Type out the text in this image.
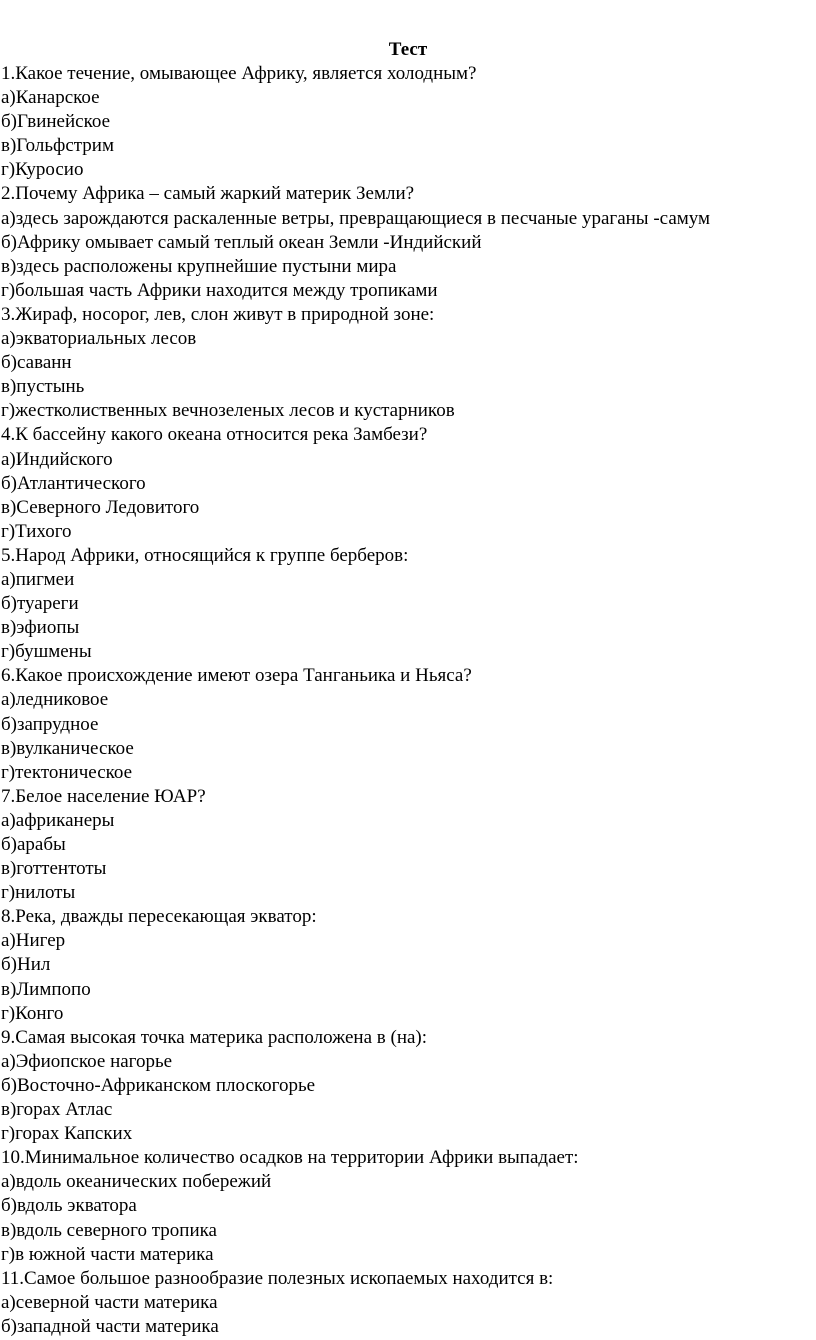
Тест
1.Какое течение, омывающее Африку, является холодным?
а)Канарское
б)Гвинейское
в)Гольфстрим
г)Куросио
2.Почему Африка – самый жаркий материк Земли?
а)здесь зарождаются раскаленные ветры, превращающиеся в песчаные ураганы -самум
б)Африку омывает самый теплый океан Земли -Индийский
в)здесь расположены крупнейшие пустыни мира
г)большая часть Африки находится между тропиками
3.Жираф, носорог, лев, слон живут в природной зоне:
а)экваториальных лесов
б)саванн
в)пустынь
г)жестколиственных вечнозеленых лесов и кустарников
4.К бассейну какого океана относится река Замбези?
а)Индийского
б)Атлантического
в)Северного Ледовитого
г)Тихого
5.Народ Африки, относящийся к группе берберов:
а)пигмеи
б)туареги
в)эфиопы
г)бушмены
6.Какое происхождение имеют озера Танганьика и Ньяса?
а)ледниковое
б)запрудное
в)вулканическое
г)тектоническое
7.Белое население ЮАР?
а)африканеры
б)арабы
в)готтентоты
г)нилоты
8.Река, дважды пересекающая экватор:
а)Нигер
б)Нил
в)Лимпопо
г)Конго
9.Самая высокая точка материка расположена в (на):
а)Эфиопское нагорье
б)Восточно-Африканском плоскогорье
в)горах Атлас
г)горах Капских
10.Минимальное количество осадков на территории Африки выпадает:
а)вдоль океанических побережий
б)вдоль экватора
в)вдоль северного тропика
г)в южной части материка
11.Самое большое разнообразие полезных ископаемых находится в:
а)северной части материка
б)западной части материка
